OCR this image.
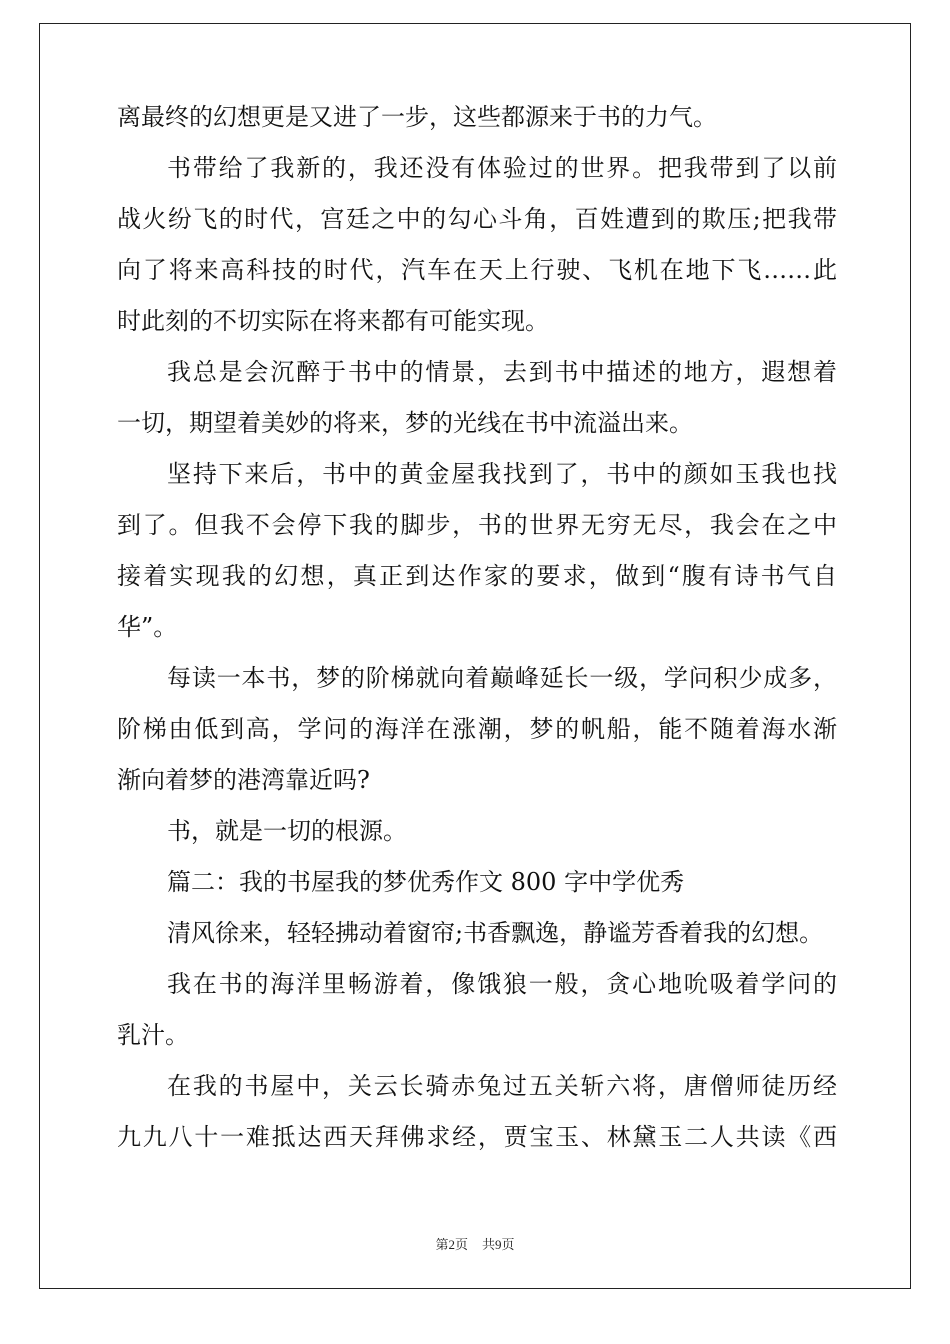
离最终的幻想更是又进了一步，这些都源来于书的力气。
书带给了我新的，我还没有体验过的世界。把我带到了以前
战火纷飞的时代，宫廷之中的勾心斗角，百姓遭到的欺压;把我带
向了将来高科技的时代，汽车在天上行驶、飞机在地下飞……此
时此刻的不切实际在将来都有可能实现。
我总是会沉醉于书中的情景，去到书中描述的地方，遐想着
一切，期望着美妙的将来，梦的光线在书中流溢出来。
坚持下来后，书中的黄金屋我找到了，书中的颜如玉我也找
到了。但我不会停下我的脚步，书的世界无穷无尽，我会在之中
接着实现我的幻想，真正到达作家的要求，做到“腹有诗书气自
华”。
每读一本书，梦的阶梯就向着巅峰延长一级，学问积少成多，
阶梯由低到高，学问的海洋在涨潮，梦的帆船，能不随着海水渐
渐向着梦的港湾靠近吗?
书，就是一切的根源。
篇二：我的书屋我的梦优秀作文 800 字中学优秀
清风徐来，轻轻拂动着窗帘;书香飘逸，静谧芳香着我的幻想。
我在书的海洋里畅游着，像饿狼一般，贪心地吮吸着学问的
乳汁。
在我的书屋中，关云长骑赤兔过五关斩六将，唐僧师徒历经
九九八十一难抵达西天拜佛求经，贾宝玉、林黛玉二人共读《西
第2页 共9页
